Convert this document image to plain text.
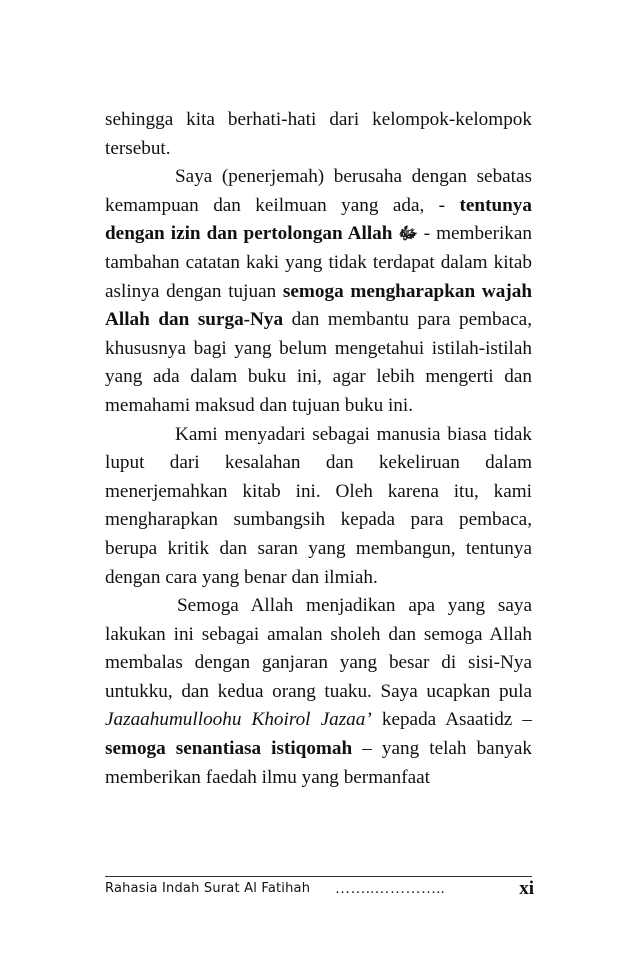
sehingga kita berhati-hati dari kelompok-kelompok tersebut.

Saya (penerjemah) berusaha dengan sebatas kemampuan dan keilmuan yang ada, - tentunya dengan izin dan pertolongan Allah ﷻ - memberikan tambahan catatan kaki yang tidak terdapat dalam kitab aslinya dengan tujuan semoga mengharapkan wajah Allah dan surga-Nya dan membantu para pembaca, khususnya bagi yang belum mengetahui istilah-istilah yang ada dalam buku ini, agar lebih mengerti dan memahami maksud dan tujuan buku ini.

Kami menyadari sebagai manusia biasa tidak luput dari kesalahan dan kekeliruan dalam menerjemahkan kitab ini. Oleh karena itu, kami mengharapkan sumbangsih kepada para pembaca, berupa kritik dan saran yang membangun, tentunya dengan cara yang benar dan ilmiah.

Semoga Allah menjadikan apa yang saya lakukan ini sebagai amalan sholeh dan semoga Allah membalas dengan ganjaran yang besar di sisi-Nya untukku, dan kedua orang tuaku. Saya ucapkan pula Jazaahumulloohu Khoirol Jazaa’ kepada Asaatidz – semoga senantiasa istiqomah – yang telah banyak memberikan faedah ilmu yang bermanfaat

Rahasia Indah Surat Al Fatihah ……..…………..	xi
